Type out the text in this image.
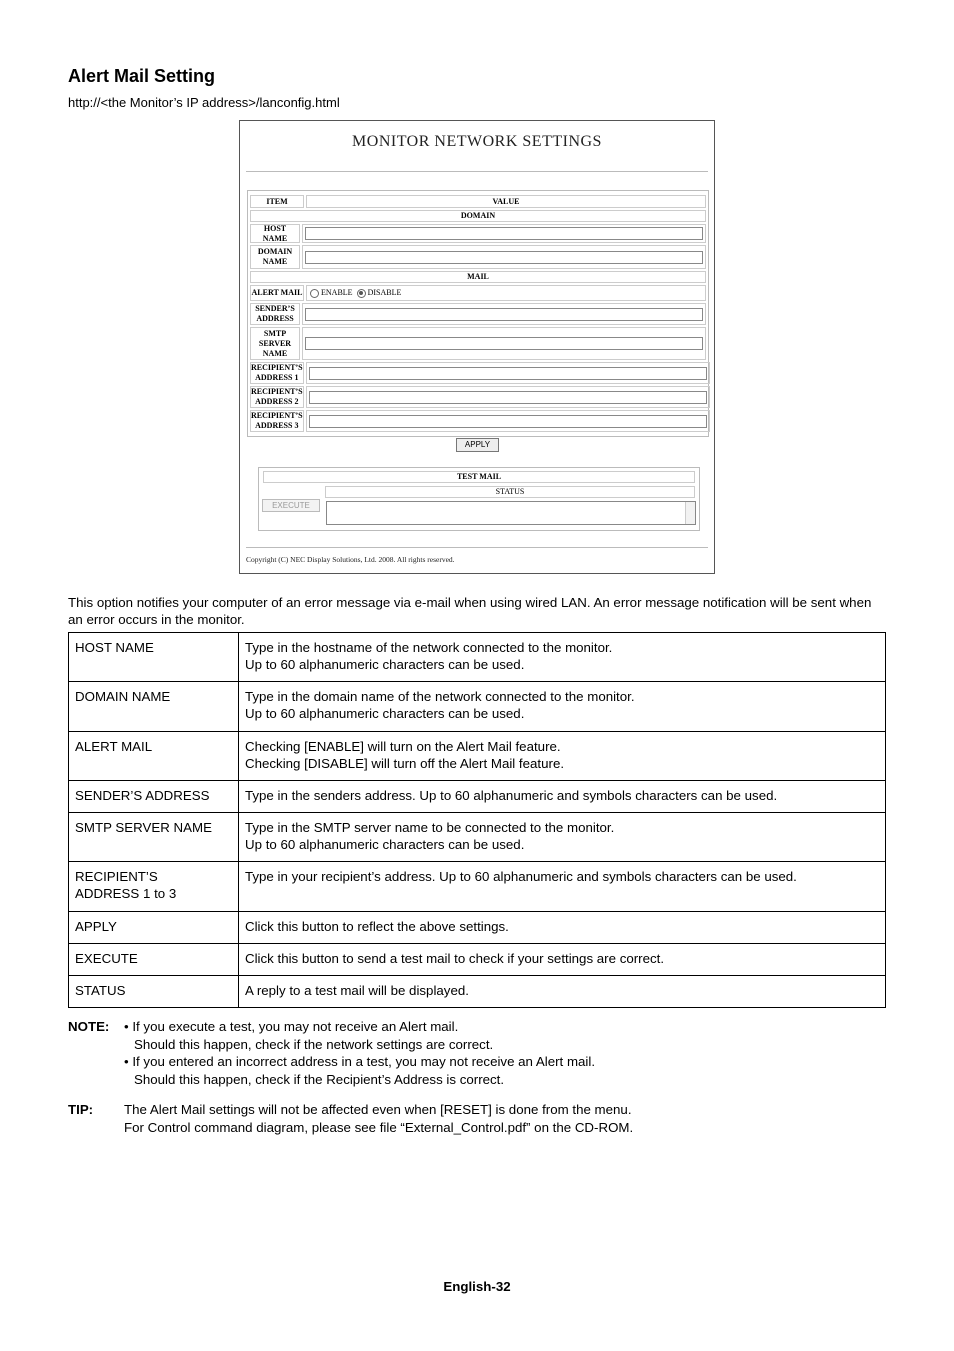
Alert Mail Setting
http://<the Monitor’s IP address>/lanconfig.html
MONITOR NETWORK SETTINGS
ITEM	VALUE
DOMAIN
HOST NAME
DOMAIN NAME
MAIL
ALERT MAIL ENABLE DISABLE
SENDER’S ADDRESS
SMTP SERVER NAME
RECIPIENT’S ADDRESS 1
RECIPIENT’S ADDRESS 2
RECIPIENT’S ADDRESS 3
APPLY
TEST MAIL
EXECUTE
STATUS
Copyright (C) NEC Display Solutions, Ltd. 2008. All rights reserved.
This option notifies your computer of an error message via e-mail when using wired LAN. An error message notification will be sent when an error occurs in the monitor.
HOST NAME	Type in the hostname of the network connected to the monitor.
Up to 60 alphanumeric characters can be used.

DOMAIN NAME	Type in the domain name of the network connected to the monitor.
Up to 60 alphanumeric characters can be used.

ALERT MAIL	Checking [ENABLE] will turn on the Alert Mail feature.
Checking [DISABLE] will turn off the Alert Mail feature.

SENDER’S ADDRESS	Type in the senders address. Up to 60 alphanumeric and symbols characters can be used.
SMTP SERVER NAME	Type in the SMTP server name to be connected to the monitor.
Up to 60 alphanumeric characters can be used.

RECIPIENT’S
ADDRESS 1 to 3	Type in your recipient’s address. Up to 60 alphanumeric and symbols characters can be used.
APPLY	Click this button to reflect the above settings.
EXECUTE	Click this button to send a test mail to check if your settings are correct.
STATUS	A reply to a test mail will be displayed.
NOTE: • If you execute a test, you may not receive an Alert mail.
Should this happen, check if the network settings are correct.
• If you entered an incorrect address in a test, you may not receive an Alert mail.
Should this happen, check if the Recipient’s Address is correct.
TIP: The Alert Mail settings will not be affected even when [RESET] is done from the menu.
For Control command diagram, please see file “External_Control.pdf” on the CD-ROM.
English-32
